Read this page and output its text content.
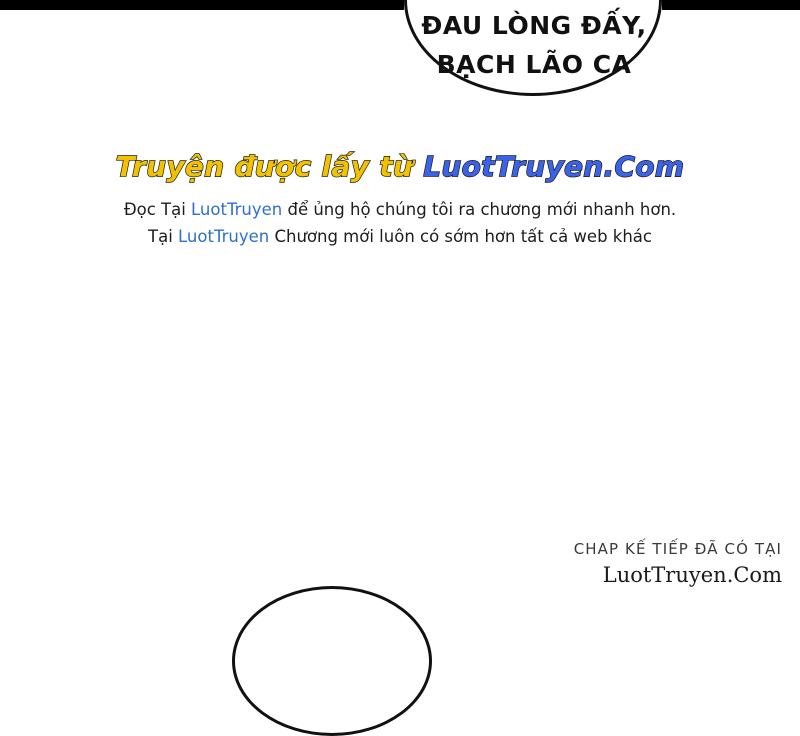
ĐAU LÒNG ĐẤY,
BẠCH LÃO CA
Truyện được lấy từ LuotTruyen.Com
Đọc Tại LuotTruyen để ủng hộ chúng tôi ra chương mới nhanh hơn.
Tại LuotTruyen Chương mới luôn có sớm hơn tất cả web khác
CHAP KẾ TIẾP ĐÃ CÓ TẠI
LuotTruyen.Com
